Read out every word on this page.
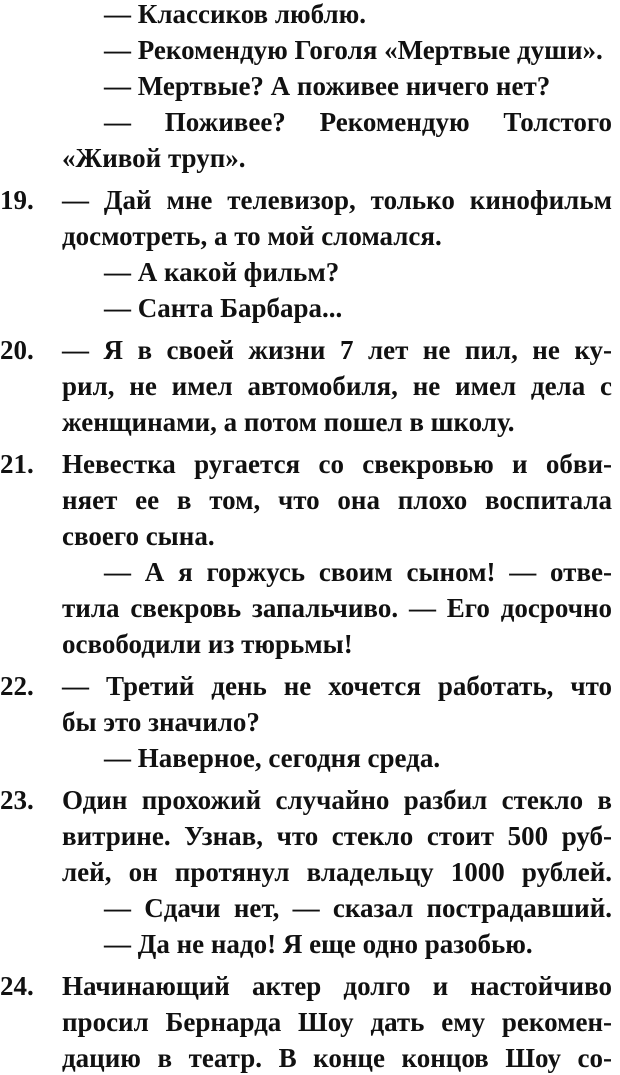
— Классиков люблю.
— Рекомендую Гоголя «Мертвые души».
— Мертвые? А поживее ничего нет?
— Поживее? Рекомендую Толстого
«Живой труп».
19.	— Дай мне телевизор, только кинофильм
досмотреть, а то мой сломался.
— А какой фильм?
— Санта Барбара...
20.	— Я в своей жизни 7 лет не пил, не ку-
рил, не имел автомобиля, не имел дела с
женщинами, а потом пошел в школу.
21.	Невестка ругается со свекровью и обви-
няет ее в том, что она плохо воспитала
своего сына.
— А я горжусь своим сыном! — отве-
тила свекровь запальчиво. — Его досрочно
освободили из тюрьмы!
22.	— Третий день не хочется работать, что
бы это значило?
— Наверное, сегодня среда.
23.	Один прохожий случайно разбил стекло в
витрине. Узнав, что стекло стоит 500 руб-
лей, он протянул владельцу 1000 рублей.
— Сдачи нет, — сказал пострадавший.
— Да не надо! Я еще одно разобью.
24.	Начинающий актер долго и настойчиво
просил Бернарда Шоу дать ему рекомен-
дацию в театр. В конце концов Шоу со-
